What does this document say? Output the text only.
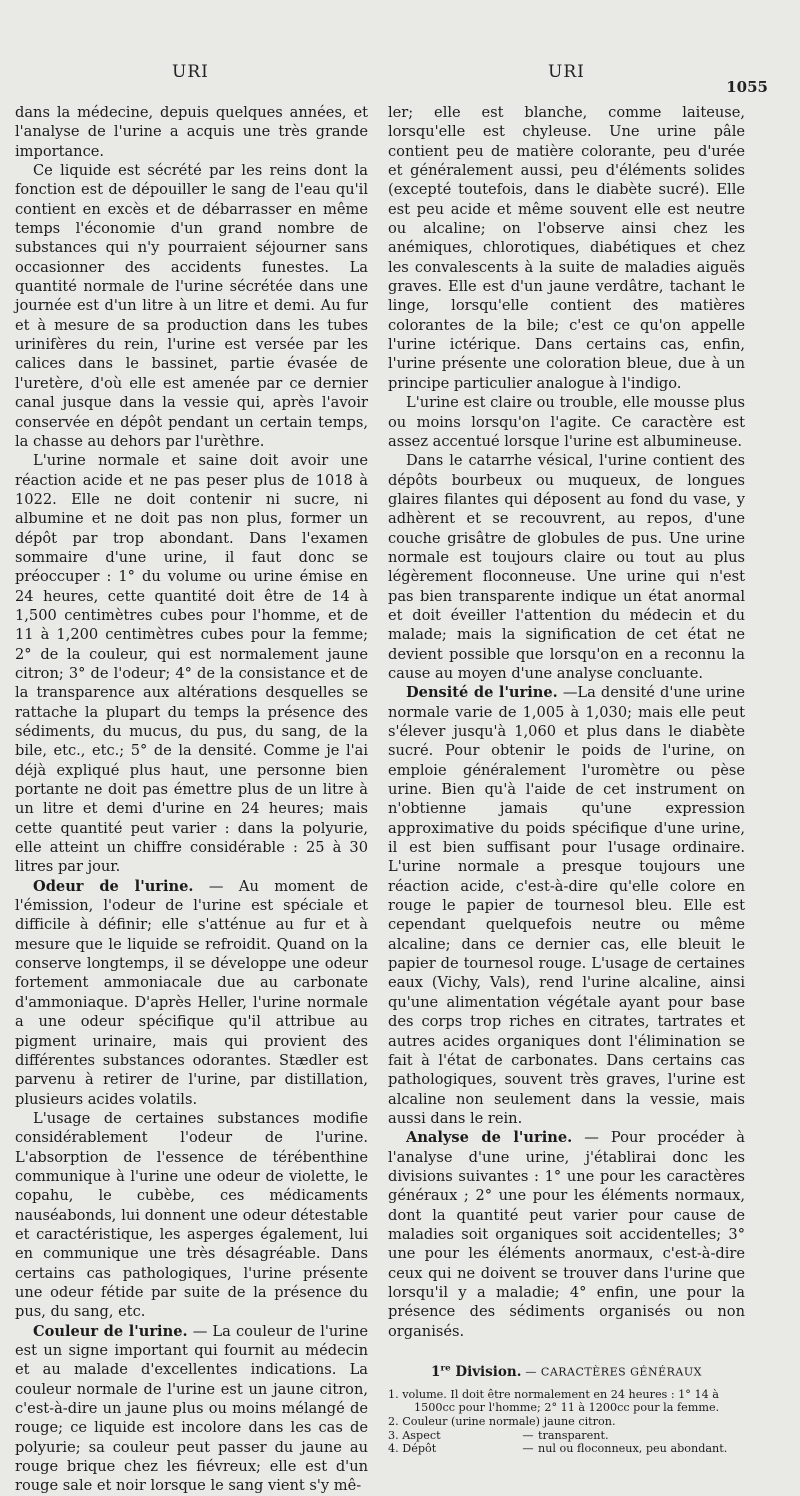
URI	URI
1055

dans la médecine, depuis quelques années, et l'analyse de l'urine a acquis une très grande importance.

Ce liquide est sécrété par les reins dont la fonction est de dépouiller le sang de l'eau qu'il contient en excès et de débarrasser en même temps l'économie d'un grand nombre de substances qui n'y pourraient séjourner sans occasionner des accidents funestes. La quantité normale de l'urine sécrétée dans une journée est d'un litre à un litre et demi. Au fur et à mesure de sa production dans les tubes urinifères du rein, l'urine est versée par les calices dans le bassinet, partie évasée de l'uretère, d'où elle est amenée par ce dernier canal jusque dans la vessie qui, après l'avoir conservée en dépôt pendant un certain temps, la chasse au dehors par l'urèthre.

L'urine normale et saine doit avoir une réaction acide et ne pas peser plus de 1018 à 1022. Elle ne doit contenir ni sucre, ni albumine et ne doit pas non plus, former un dépôt par trop abondant. Dans l'examen sommaire d'une urine, il faut donc se préoccuper : 1° du volume ou urine émise en 24 heures, cette quantité doit être de 14 à 1,500 centimètres cubes pour l'homme, et de 11 à 1,200 centimètres cubes pour la femme; 2° de la couleur, qui est normalement jaune citron; 3° de l'odeur; 4° de la consistance et de la transparence aux altérations desquelles se rattache la plupart du temps la présence des sédiments, du mucus, du pus, du sang, de la bile, etc., etc.; 5° de la densité. Comme je l'ai déjà expliqué plus haut, une personne bien portante ne doit pas émettre plus de un litre à un litre et demi d'urine en 24 heures; mais cette quantité peut varier : dans la polyurie, elle atteint un chiffre considérable : 25 à 30 litres par jour.

Odeur de l'urine. — Au moment de l'émission, l'odeur de l'urine est spéciale et difficile à définir; elle s'atténue au fur et à mesure que le liquide se refroidit. Quand on la conserve longtemps, il se développe une odeur fortement ammoniacale due au carbonate d'ammoniaque. D'après Heller, l'urine normale a une odeur spécifique qu'il attribue au pigment urinaire, mais qui provient des différentes substances odorantes. Stædler est parvenu à retirer de l'urine, par distillation, plusieurs acides volatils.

L'usage de certaines substances modifie considérablement l'odeur de l'urine. L'absorption de l'essence de térébenthine communique à l'urine une odeur de violette, le copahu, le cubèbe, ces médicaments nauséabonds, lui donnent une odeur détestable et caractéristique, les asperges également, lui en communique une très désagréable. Dans certains cas pathologiques, l'urine présente une odeur fétide par suite de la présence du pus, du sang, etc.

Couleur de l'urine. — La couleur de l'urine est un signe important qui fournit au médecin et au malade d'excellentes indications. La couleur normale de l'urine est un jaune citron, c'est-à-dire un jaune plus ou moins mélangé de rouge; ce liquide est incolore dans les cas de polyurie; sa couleur peut passer du jaune au rouge brique chez les fiévreux; elle est d'un rouge sale et noir lorsque le sang vient s'y mê-

ler; elle est blanche, comme laiteuse, lorsqu'elle est chyleuse. Une urine pâle contient peu de matière colorante, peu d'urée et généralement aussi, peu d'éléments solides (excepté toutefois, dans le diabète sucré). Elle est peu acide et même souvent elle est neutre ou alcaline; on l'observe ainsi chez les anémiques, chlorotiques, diabétiques et chez les convalescents à la suite de maladies aiguës graves. Elle est d'un jaune verdâtre, tachant le linge, lorsqu'elle contient des matières colorantes de la bile; c'est ce qu'on appelle l'urine ictérique. Dans certains cas, enfin, l'urine présente une coloration bleue, due à un principe particulier analogue à l'indigo.

L'urine est claire ou trouble, elle mousse plus ou moins lorsqu'on l'agite. Ce caractère est assez accentué lorsque l'urine est albumineuse.

Dans le catarrhe vésical, l'urine contient des dépôts bourbeux ou muqueux, de longues glaires filantes qui déposent au fond du vase, y adhèrent et se recouvrent, au repos, d'une couche grisâtre de globules de pus. Une urine normale est toujours claire ou tout au plus légèrement floconneuse. Une urine qui n'est pas bien transparente indique un état anormal et doit éveiller l'attention du médecin et du malade; mais la signification de cet état ne devient possible que lorsqu'on en a reconnu la cause au moyen d'une analyse concluante.

Densité de l'urine. —La densité d'une urine normale varie de 1,005 à 1,030; mais elle peut s'élever jusqu'à 1,060 et plus dans le diabète sucré. Pour obtenir le poids de l'urine, on emploie généralement l'uromètre ou pèse urine. Bien qu'à l'aide de cet instrument on n'obtienne jamais qu'une expression approximative du poids spécifique d'une urine, il est bien suffisant pour l'usage ordinaire. L'urine normale a presque toujours une réaction acide, c'est-à-dire qu'elle colore en rouge le papier de tournesol bleu. Elle est cependant quelquefois neutre ou même alcaline; dans ce dernier cas, elle bleuit le papier de tournesol rouge. L'usage de certaines eaux (Vichy, Vals), rend l'urine alcaline, ainsi qu'une alimentation végétale ayant pour base des corps trop riches en citrates, tartrates et autres acides organiques dont l'élimination se fait à l'état de carbonates. Dans certains cas pathologiques, souvent très graves, l'urine est alcaline non seulement dans la vessie, mais aussi dans le rein.

Analyse de l'urine. — Pour procéder à l'analyse d'une urine, j'établirai donc les divisions suivantes : 1° une pour les caractères généraux ; 2° une pour les éléments normaux, dont la quantité peut varier pour cause de maladies soit organiques soit accidentelles; 3° une pour les éléments anormaux, c'est-à-dire ceux qui ne doivent se trouver dans l'urine que lorsqu'il y a maladie; 4° enfin, une pour la présence des sédiments organisés ou non organisés.

1re Division. — CARACTÈRES GÉNÉRAUX
1. volume. Il doit être normalement en 24 heures : 1° 14 à
1500cc pour l'homme; 2° 11 à 1200cc pour la femme.
2. Couleur (urine normale) jaune citron.
3. Aspect	— transparent.
4. Dépôt	— nul ou floconneux, peu abondant.
